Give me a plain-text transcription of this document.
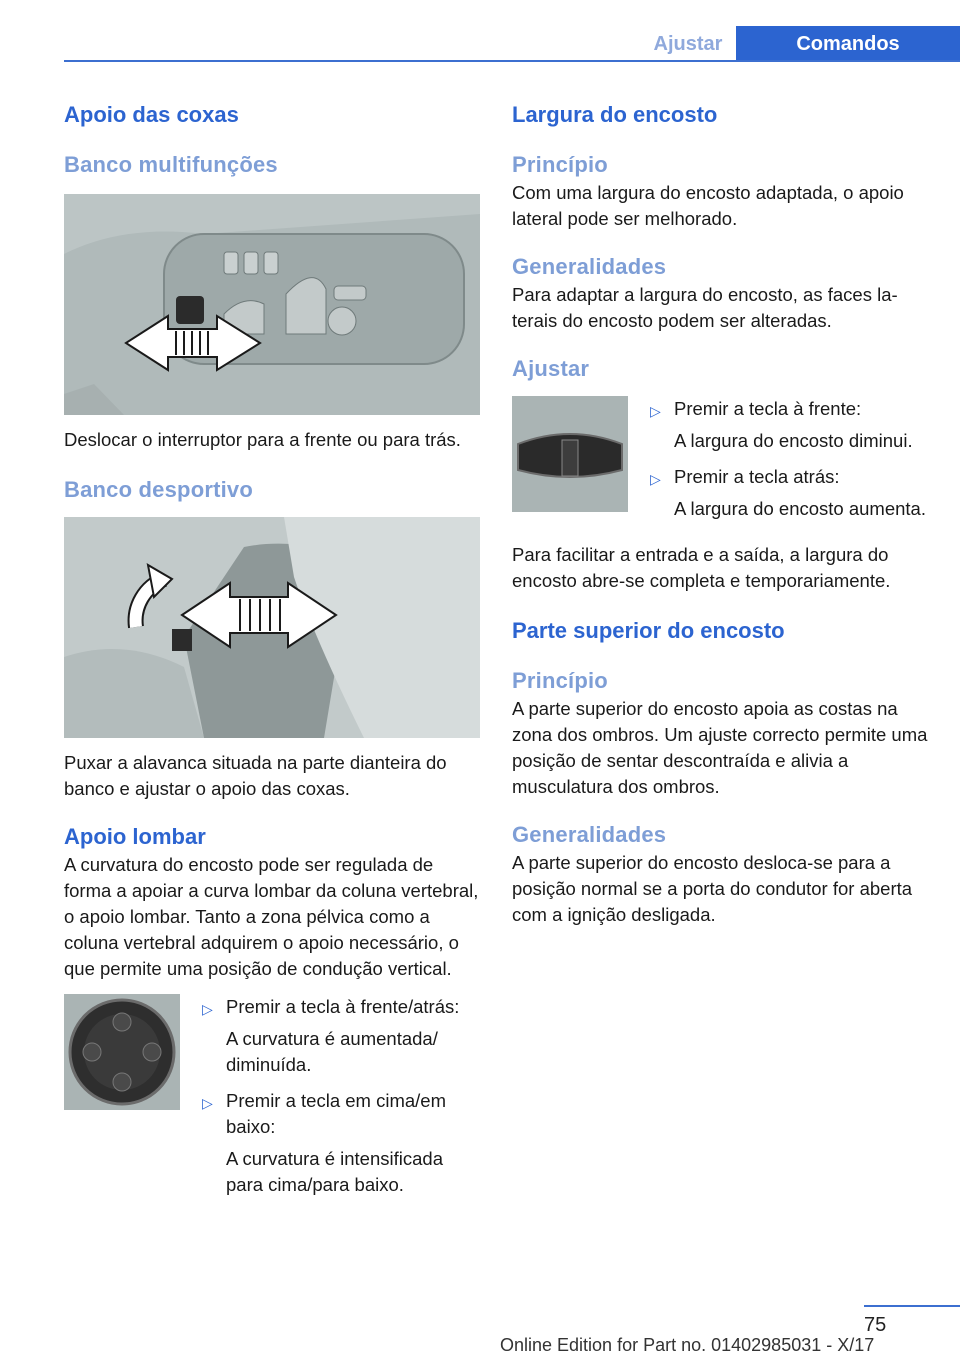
Ajustar	Comandos
Apoio das coxas
Banco multifunções
Deslocar o interruptor para a frente ou para trás.
Banco desportivo
Puxar a alavanca situada na parte dianteira do banco e ajustar o apoio das coxas.
Apoio lombar
A curvatura do encosto pode ser regulada de forma a apoiar a curva lombar da coluna vertebral, o apoio lombar. Tanto a zona pélvica como a coluna vertebral adquirem o apoio necessário, o que permite uma posição de condução vertical.
▷ Premir a tecla à frente/atrás:
A curvatura é aumentada/ diminuída.
▷ Premir a tecla em cima/em baixo:
A curvatura é intensificada para cima/para baixo.
Largura do encosto
Princípio
Com uma largura do encosto adaptada, o apoio lateral pode ser melhorado.
Generalidades
Para adaptar a largura do encosto, as faces laterais do encosto podem ser alteradas.
Ajustar
▷ Premir a tecla à frente:
A largura do encosto diminui.
▷ Premir a tecla atrás:
A largura do encosto aumenta.
Para facilitar a entrada e a saída, a largura do encosto abre-se completa e temporariamente.
Parte superior do encosto
Princípio
A parte superior do encosto apoia as costas na zona dos ombros. Um ajuste correcto permite uma posição de sentar descontraída e alivia a musculatura dos ombros.
Generalidades
A parte superior do encosto desloca-se para a posição normal se a porta do condutor for aberta com a ignição desligada.
75
Online Edition for Part no. 01402985031 - X/17
